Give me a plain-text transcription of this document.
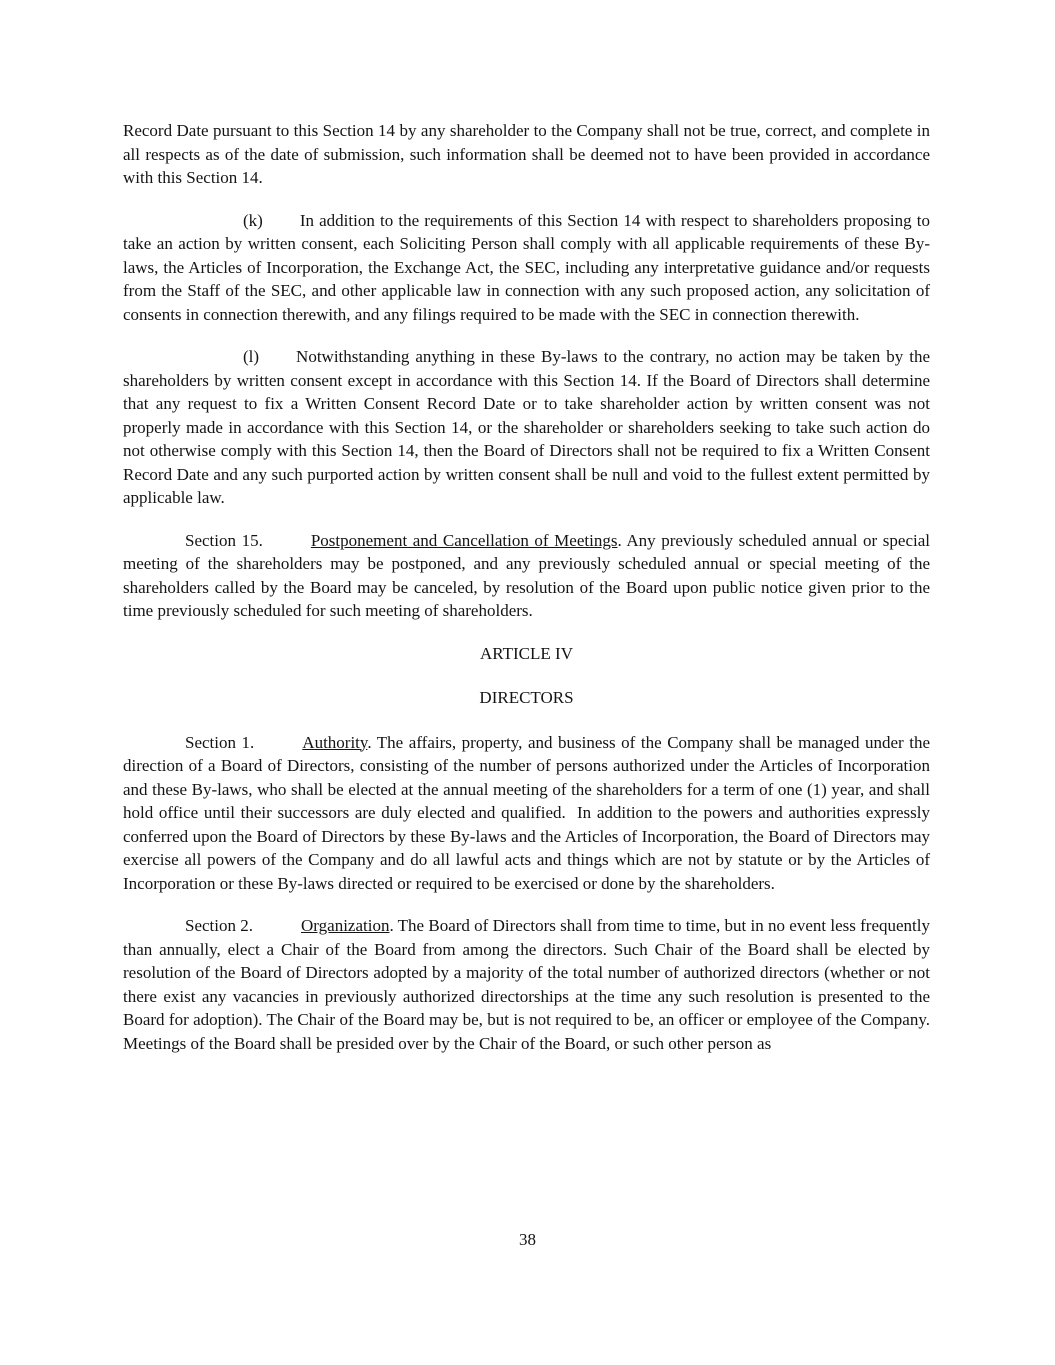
Record Date pursuant to this Section 14 by any shareholder to the Company shall not be true, correct, and complete in all respects as of the date of submission, such information shall be deemed not to have been provided in accordance with this Section 14.

(k) In addition to the requirements of this Section 14 with respect to shareholders proposing to take an action by written consent, each Soliciting Person shall comply with all applicable requirements of these By-laws, the Articles of Incorporation, the Exchange Act, the SEC, including any interpretative guidance and/or requests from the Staff of the SEC, and other applicable law in connection with any such proposed action, any solicitation of consents in connection therewith, and any filings required to be made with the SEC in connection therewith.

(l) Notwithstanding anything in these By-laws to the contrary, no action may be taken by the shareholders by written consent except in accordance with this Section 14. If the Board of Directors shall determine that any request to fix a Written Consent Record Date or to take shareholder action by written consent was not properly made in accordance with this Section 14, or the shareholder or shareholders seeking to take such action do not otherwise comply with this Section 14, then the Board of Directors shall not be required to fix a Written Consent Record Date and any such purported action by written consent shall be null and void to the fullest extent permitted by applicable law.

Section 15.	Postponement and Cancellation of Meetings. Any previously scheduled annual or special meeting of the shareholders may be postponed, and any previously scheduled annual or special meeting of the shareholders called by the Board may be canceled, by resolution of the Board upon public notice given prior to the time previously scheduled for such meeting of shareholders.

ARTICLE IV

DIRECTORS

Section 1.	Authority. The affairs, property, and business of the Company shall be managed under the direction of a Board of Directors, consisting of the number of persons authorized under the Articles of Incorporation and these By-laws, who shall be elected at the annual meeting of the shareholders for a term of one (1) year, and shall hold office until their successors are duly elected and qualified.  In addition to the powers and authorities expressly conferred upon the Board of Directors by these By-laws and the Articles of Incorporation, the Board of Directors may exercise all powers of the Company and do all lawful acts and things which are not by statute or by the Articles of Incorporation or these By-laws directed or required to be exercised or done by the shareholders.

Section 2.	Organization. The Board of Directors shall from time to time, but in no event less frequently than annually, elect a Chair of the Board from among the directors. Such Chair of the Board shall be elected by resolution of the Board of Directors adopted by a majority of the total number of authorized directors (whether or not there exist any vacancies in previously authorized directorships at the time any such resolution is presented to the Board for adoption). The Chair of the Board may be, but is not required to be, an officer or employee of the Company. Meetings of the Board shall be presided over by the Chair of the Board, or such other person as

38
